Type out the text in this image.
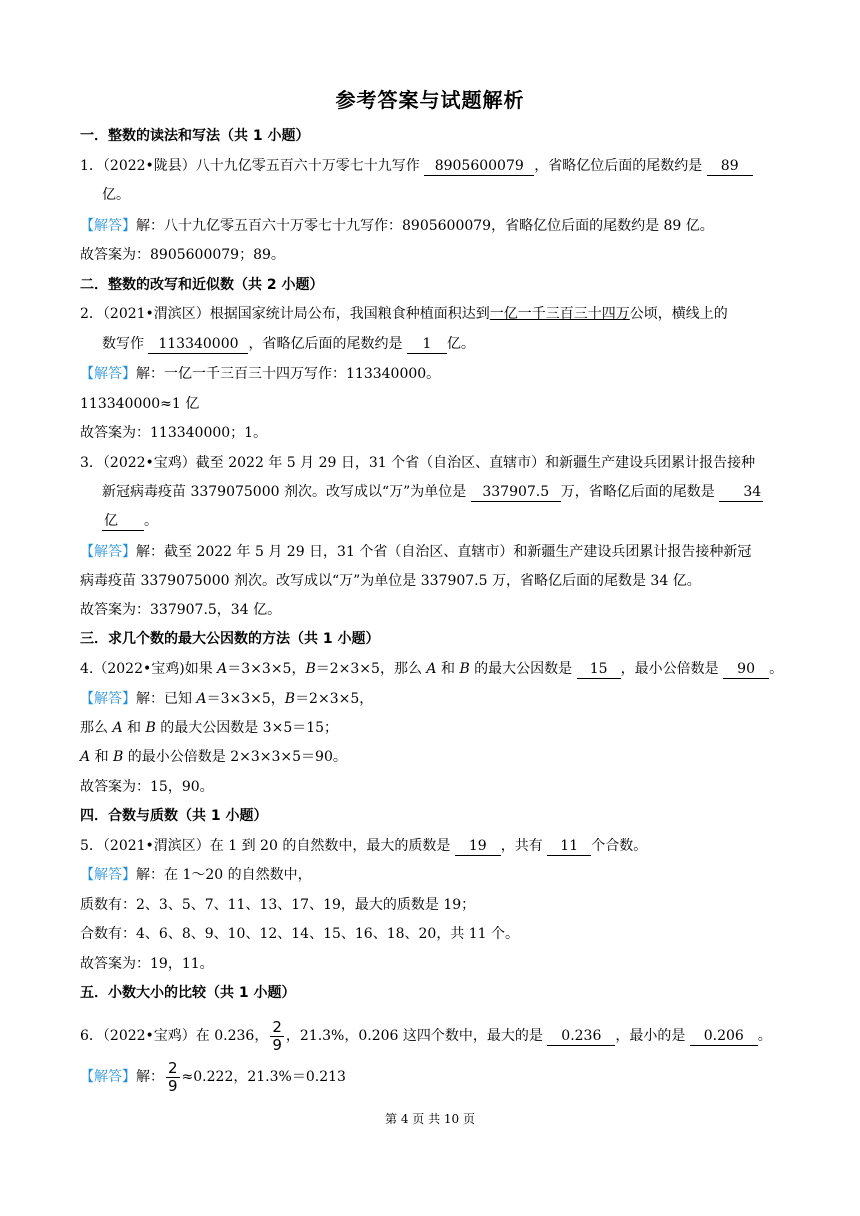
参考答案与试题解析
一．整数的读法和写法（共 1 小题）
1．（2022•陇县）八十九亿零五百六十万零七十九写作 8905600079 ，省略亿位后面的尾数约是 89
亿。
【解答】解：八十九亿零五百六十万零七十九写作：8905600079，省略亿位后面的尾数约是 89 亿。
故答案为：8905600079；89。
二．整数的改写和近似数（共 2 小题）
2．（2021•渭滨区）根据国家统计局公布，我国粮食种植面积达到一亿一千三百三十四万公顷，横线上的
数写作 113340000 ，省略亿后面的尾数约是 1 亿。
【解答】解：一亿一千三百三十四万写作：113340000。
113340000≈1 亿
故答案为：113340000；1。
3．（2022•宝鸡）截至 2022 年 5 月 29 日，31 个省（自治区、直辖市）和新疆生产建设兵团累计报告接种
新冠病毒疫苗 3379075000 剂次。改写成以“万”为单位是 337907.5 万，省略亿后面的尾数是 34
亿 。
【解答】解：截至 2022 年 5 月 29 日，31 个省（自治区、直辖市）和新疆生产建设兵团累计报告接种新冠
病毒疫苗 3379075000 剂次。改写成以“万”为单位是 337907.5 万，省略亿后面的尾数是 34 亿。
故答案为：337907.5，34 亿。
三．求几个数的最大公因数的方法（共 1 小题）
4.（2022•宝鸡)如果 A＝3×3×5，B＝2×3×5，那么 A 和 B 的最大公因数是 15 ，最小公倍数是 90 。
【解答】解：已知 A＝3×3×5，B＝2×3×5，
那么 A 和 B 的最大公因数是 3×5＝15；
A 和 B 的最小公倍数是 2×3×3×5＝90。
故答案为：15，90。
四．合数与质数（共 1 小题）
5．（2021•渭滨区）在 1 到 20 的自然数中，最大的质数是 19 ，共有 11 个合数。
【解答】解：在 1～20 的自然数中，
质数有：2、3、5、7、11、13、17、19，最大的质数是 19；
合数有：4、6、8、9、10、12、14、15、16、18、20，共 11 个。
故答案为：19，11。
五．小数大小的比较（共 1 小题）
6．（2022•宝鸡）在 0.236， $\frac{2}{9}$ ，21.3%，0.206 这四个数中，最大的是 0.236 ，最小的是 0.206 。
【解答】解： $\frac{2}{9} \approx 0.222$，21.3%＝0.213
第 4 页 共 10 页
